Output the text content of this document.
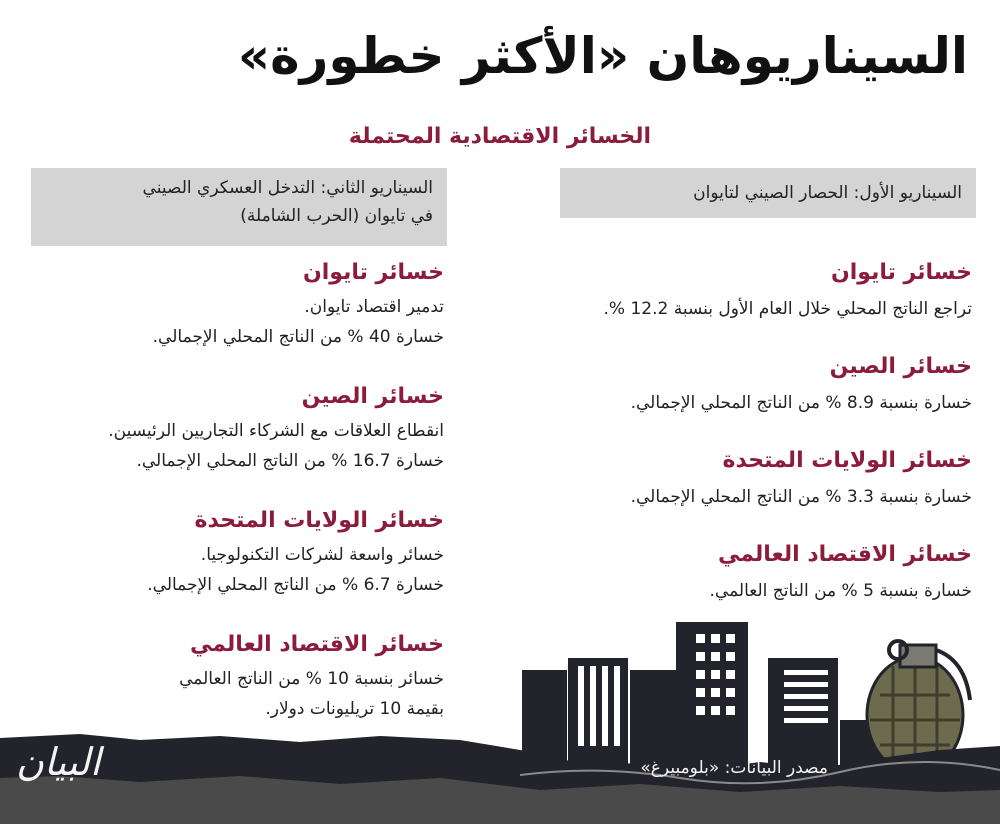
السيناريوهان «الأكثر خطورة»
الخسائر الاقتصادية المحتملة
السيناريو الأول: الحصار الصيني لتايوان
السيناريو الثاني: التدخل العسكري الصيني
في تايوان (الحرب الشاملة)
خسائر تايوان

تراجع الناتج المحلي خلال العام الأول بنسبة 12.2 %.

خسائر الصين

خسارة بنسبة 8.9 % من الناتج المحلي الإجمالي.

خسائر الولايات المتحدة

خسارة بنسبة 3.3 % من الناتج المحلي الإجمالي.

خسائر الاقتصاد العالمي

خسارة بنسبة 5 % من الناتج العالمي.

خسائر تايوان

تدمير اقتصاد تايوان.

خسارة 40 % من الناتج المحلي الإجمالي.

خسائر الصين

انقطاع العلاقات مع الشركاء التجاريين الرئيسين.

خسارة 16.7 % من الناتج المحلي الإجمالي.

خسائر الولايات المتحدة

خسائر واسعة لشركات التكنولوجيا.

خسارة 6.7 % من الناتج المحلي الإجمالي.

خسائر الاقتصاد العالمي

خسائر بنسبة 10 % من الناتج العالمي

بقيمة 10 تريليونات دولار.

مصدر البيانات: «بلومبيرغ»
البيان
